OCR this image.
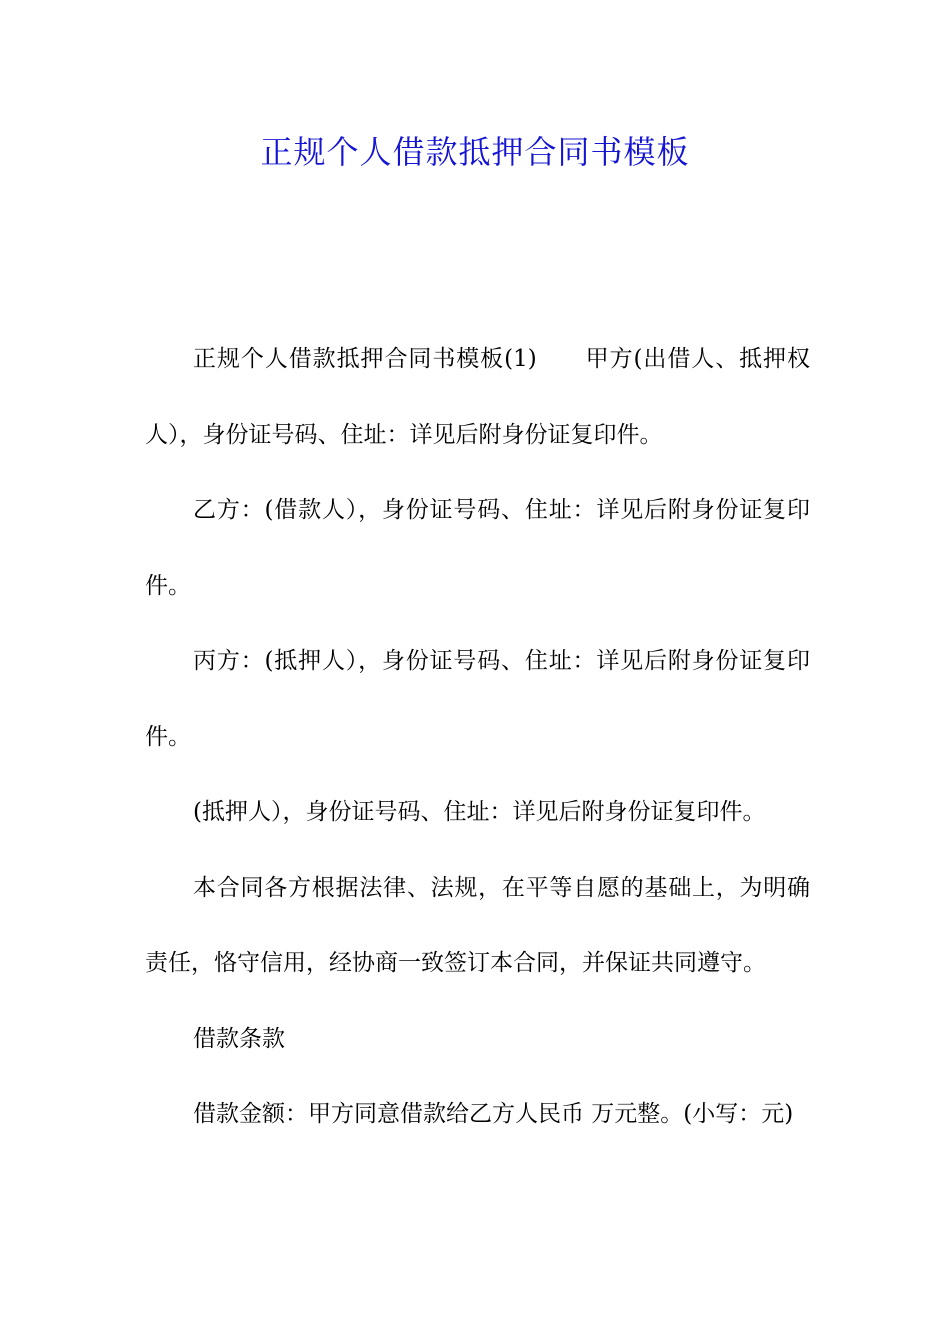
正规个人借款抵押合同书模板

正规个人借款抵押合同书模板(1) 甲方(出借人、抵押权人），身份证号码、住址：详见后附身份证复印件。

乙方：(借款人），身份证号码、住址：详见后附身份证复印件。

丙方：(抵押人），身份证号码、住址：详见后附身份证复印件。

(抵押人），身份证号码、住址：详见后附身份证复印件。

本合同各方根据法律、法规，在平等自愿的基础上，为明确责任，恪守信用，经协商一致签订本合同，并保证共同遵守。

借款条款

借款金额：甲方同意借款给乙方人民币 万元整。(小写：元)
